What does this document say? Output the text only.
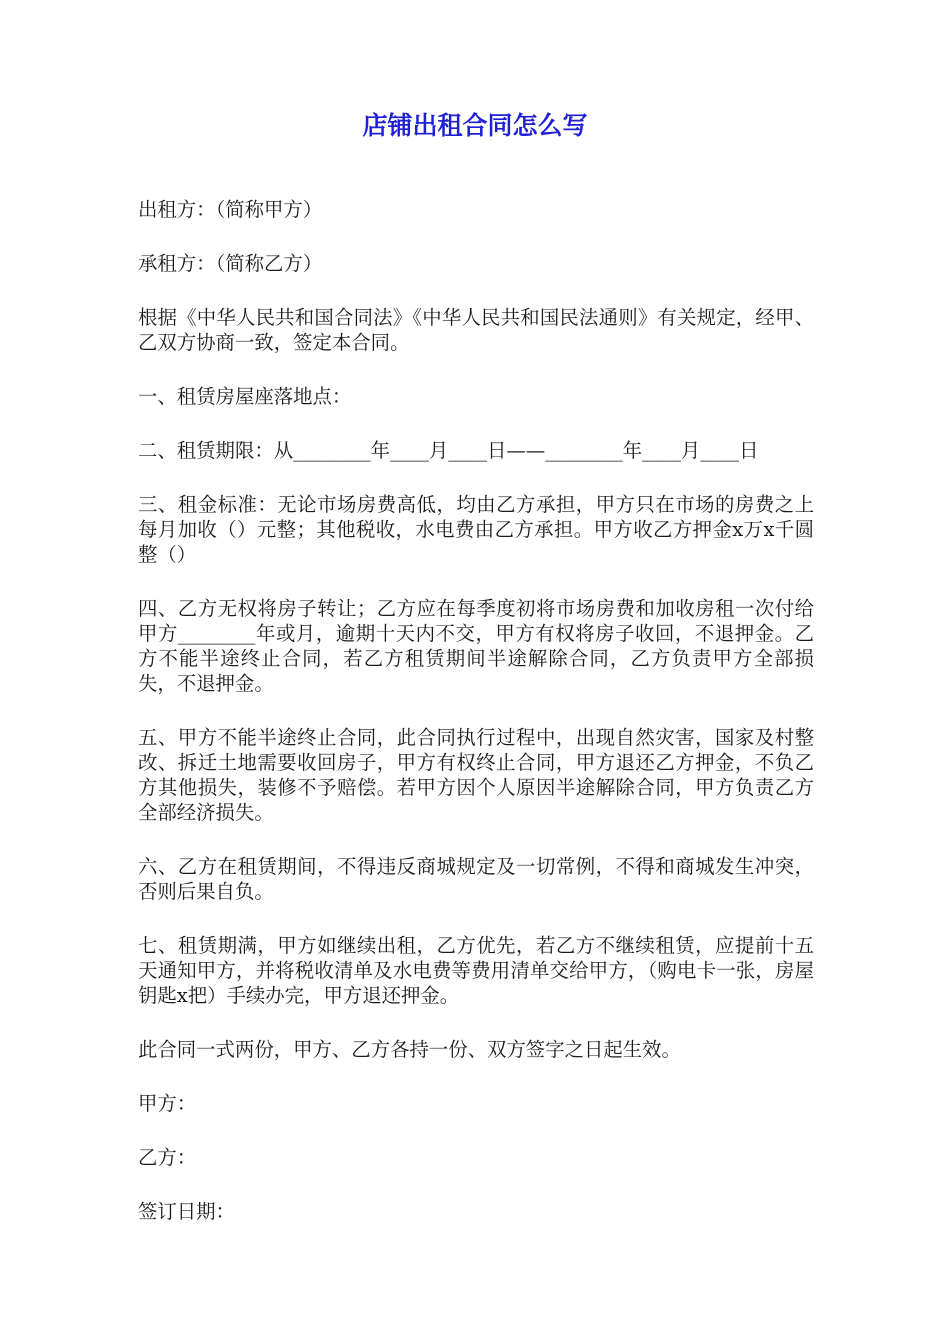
店铺出租合同怎么写

出租方：（简称甲方）

承租方：（简称乙方）

根据《中华人民共和国合同法》《中华人民共和国民法通则》有关规定，经甲、乙双方协商一致，签定本合同。

一、租赁房屋座落地点：

二、租赁期限：从________年____月____日——________年____月____日

三、租金标准：无论市场房费高低，均由乙方承担，甲方只在市场的房费之上每月加收（）元整；其他税收，水电费由乙方承担。甲方收乙方押金x万x千圆整（）

四、乙方无权将房子转让；乙方应在每季度初将市场房费和加收房租一次付给甲方________年或月，逾期十天内不交，甲方有权将房子收回，不退押金。乙方不能半途终止合同，若乙方租赁期间半途解除合同，乙方负责甲方全部损失，不退押金。

五、甲方不能半途终止合同，此合同执行过程中，出现自然灾害，国家及村整改、拆迁土地需要收回房子，甲方有权终止合同，甲方退还乙方押金，不负乙方其他损失，装修不予赔偿。若甲方因个人原因半途解除合同，甲方负责乙方全部经济损失。

六、乙方在租赁期间，不得违反商城规定及一切常例，不得和商城发生冲突，否则后果自负。

七、租赁期满，甲方如继续出租，乙方优先，若乙方不继续租赁，应提前十五天通知甲方，并将税收清单及水电费等费用清单交给甲方，（购电卡一张，房屋钥匙x把）手续办完，甲方退还押金。

此合同一式两份，甲方、乙方各持一份、双方签字之日起生效。

甲方：

乙方：

签订日期：
